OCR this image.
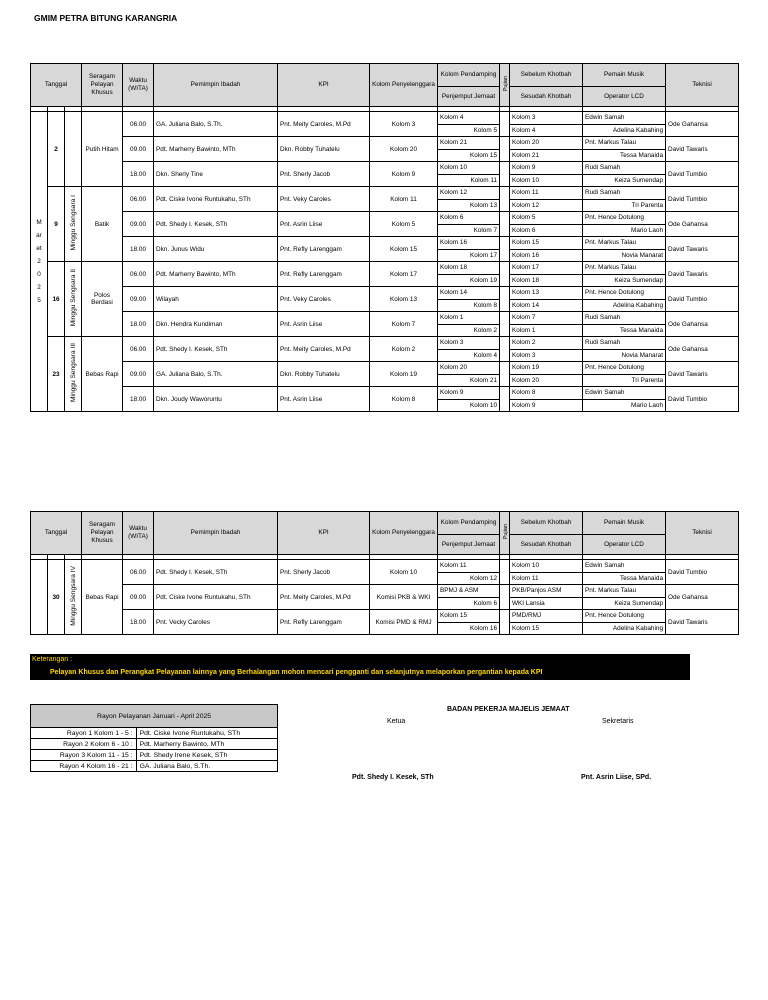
GMIM PETRA BITUNG KARANGRIA
Tanggal			Seragam Pelayan Khusus	Waktu (WITA)	Pemimpin Ibadah	KPI	Kolom Penyelenggara	Kolom Pendamping	Pujian	Sebelum Khotbah	Pemain Musik	Teknisi
								Penjemput Jemaat		Sesudah Khotbah	Operator LCD	

Maret 2025	2		Putih Hitam	06.00	GA. Juliana Balo, S.Th.	Pnt. Meity Caroles, M.Pd	Kolom 3	Kolom 4		Kolom 3	Edwin Samah	Ode Gahansa
								Kolom 5		Kolom 4	Adelina Kabahing	
				09.00	Pdt. Marherry Bawinto, MTh	Dkn. Robby Tuhatelu	Kolom 20	Kolom 21		Kolom 20	Pnt. Markus Talau	David Tawaris
								Kolom 15		Kolom 21	Tessa Manaida	
				18.00	Dkn. Sherly Tine	Pnt. Sherly Jacob	Kolom 9	Kolom 10		Kolom 9	Rudi Samah	David Tumbio
								Kolom 11		Kolom 10	Keiza Sumendap	
	9	Minggu Sengsara I	Batik	06.00	Pdt. Ciske Ivone Runtukahu, STh	Pnt. Veky Caroles	Kolom 11	Kolom 12		Kolom 11	Rudi Samah	David Tumbio
								Kolom 13		Kolom 12	Tri Parenta	
				09.00	Pdt. Shedy I. Kesek, STh	Pnt. Asrin Liise	Kolom 5	Kolom 6		Kolom 5	Pnt. Hence Dotulong	Ode Gahansa
								Kolom 7		Kolom 6	Mario Laoh	
				18.00	Dkn. Junus Widu	Pnt. Refly Larenggam	Kolom 15	Kolom 16		Kolom 15	Pnt. Markus Talau	David Tawaris
								Kolom 17		Kolom 16	Novia Manarat	
	16	Minggu Sengsara II	Polos Berdasi	06.00	Pdt. Marherry Bawinto, MTh	Pnt. Refly Larenggam	Kolom 17	Kolom 18		Kolom 17	Pnt. Markus Talau	David Tawaris
								Kolom 19		Kolom 18	Keiza Sumendap	
				09.00	Wilayah	Pnt. Veky Caroles	Kolom 13	Kolom 14		Kolom 13	Pnt. Hence Dotulong	David Tumbio
								Kolom 8		Kolom 14	Adelina Kabahing	
				18.00	Dkn. Hendra Kundiman	Pnt. Asrin Liise	Kolom 7	Kolom 1		Kolom 7	Rudi Samah	Ode Gahansa
								Kolom 2		Kolom 1	Tessa Manaida	
	23	Minggu Sengsara III	Bebas Rapi	06.00	Pdt. Shedy I. Kesek, STh	Pnt. Meity Caroles, M.Pd	Kolom 2	Kolom 3		Kolom 2	Rudi Samah	Ode Gahansa
								Kolom 4		Kolom 3	Novia Manarat	
				09.00	GA. Juliana Balo, S.Th.	Dkn. Robby Tuhatelu	Kolom 19	Kolom 20		Kolom 19	Pnt. Hence Dotulong	David Tawaris
								Kolom 21		Kolom 20	Tri Parenta	
				18.00	Dkn. Joudy Waworuntu	Pnt. Asrin Liise	Kolom 8	Kolom 9		Kolom 8	Edwin Samah	David Tumbio
								Kolom 10		Kolom 9	Mario Laoh	
Tanggal			Seragam Pelayan Khusus	Waktu (WITA)	Pemimpin Ibadah	KPI	Kolom Penyelenggara	Kolom Pendamping	Pujian	Sebelum Khotbah	Pemain Musik	Teknisi
								Penjemput Jemaat		Sesudah Khotbah	Operator LCD	

	30	Minggu Sengsara IV	Bebas Rapi	06.00	Pdt. Shedy I. Kesek, STh	Pnt. Sherly Jacob	Kolom 10	Kolom 11		Kolom 10	Edwin Samah	David Tumbio
								Kolom 12		Kolom 11	Tessa Manaida	
				09.00	Pdt. Ciske Ivone Runtukahu, STh	Pnt. Meity Caroles, M.Pd	Komisi PKB & WKI	BPMJ & ASM		PKB/Panjos ASM	Pnt. Markus Talau	Ode Gahansa
								Kolom 6		WKI Lansia	Keiza Sumendap	
				18.00	Pnt. Vecky Caroles	Pnt. Refly Larenggam	Komisi PMD & RMJ	Kolom 15		PMD/RMJ	Pnt. Hence Dotulong	David Tawaris
								Kolom 16		Kolom 15	Adelina Kabahing	
Keterangan :
Pelayan Khusus dan Perangkat Pelayanan lainnya yang Berhalangan mohon mencari pengganti dan selanjutnya melaporkan pergantian kepada KPI
Rayon Pelayanan Januari - April 2025	
Rayon 1 Kolom 1 - 5 :	Pdt. Ciske Ivone Runtukahu, STh
Rayon 2 Kolom 6 - 10 :	Pdt. Marherry Bawinto, MTh
Rayon 3 Kolom 11 - 15 :	Pdt. Shedy Irene Kesek, STh
Rayon 4 Kolom 16 - 21 :	GA. Juliana Balo, S.Th.
BADAN PEKERJA MAJELIS JEMAAT
Ketua	Sekretaris
Pdt. Shedy I. Kesek, STh	Pnt. Asrin Liise, SPd.
